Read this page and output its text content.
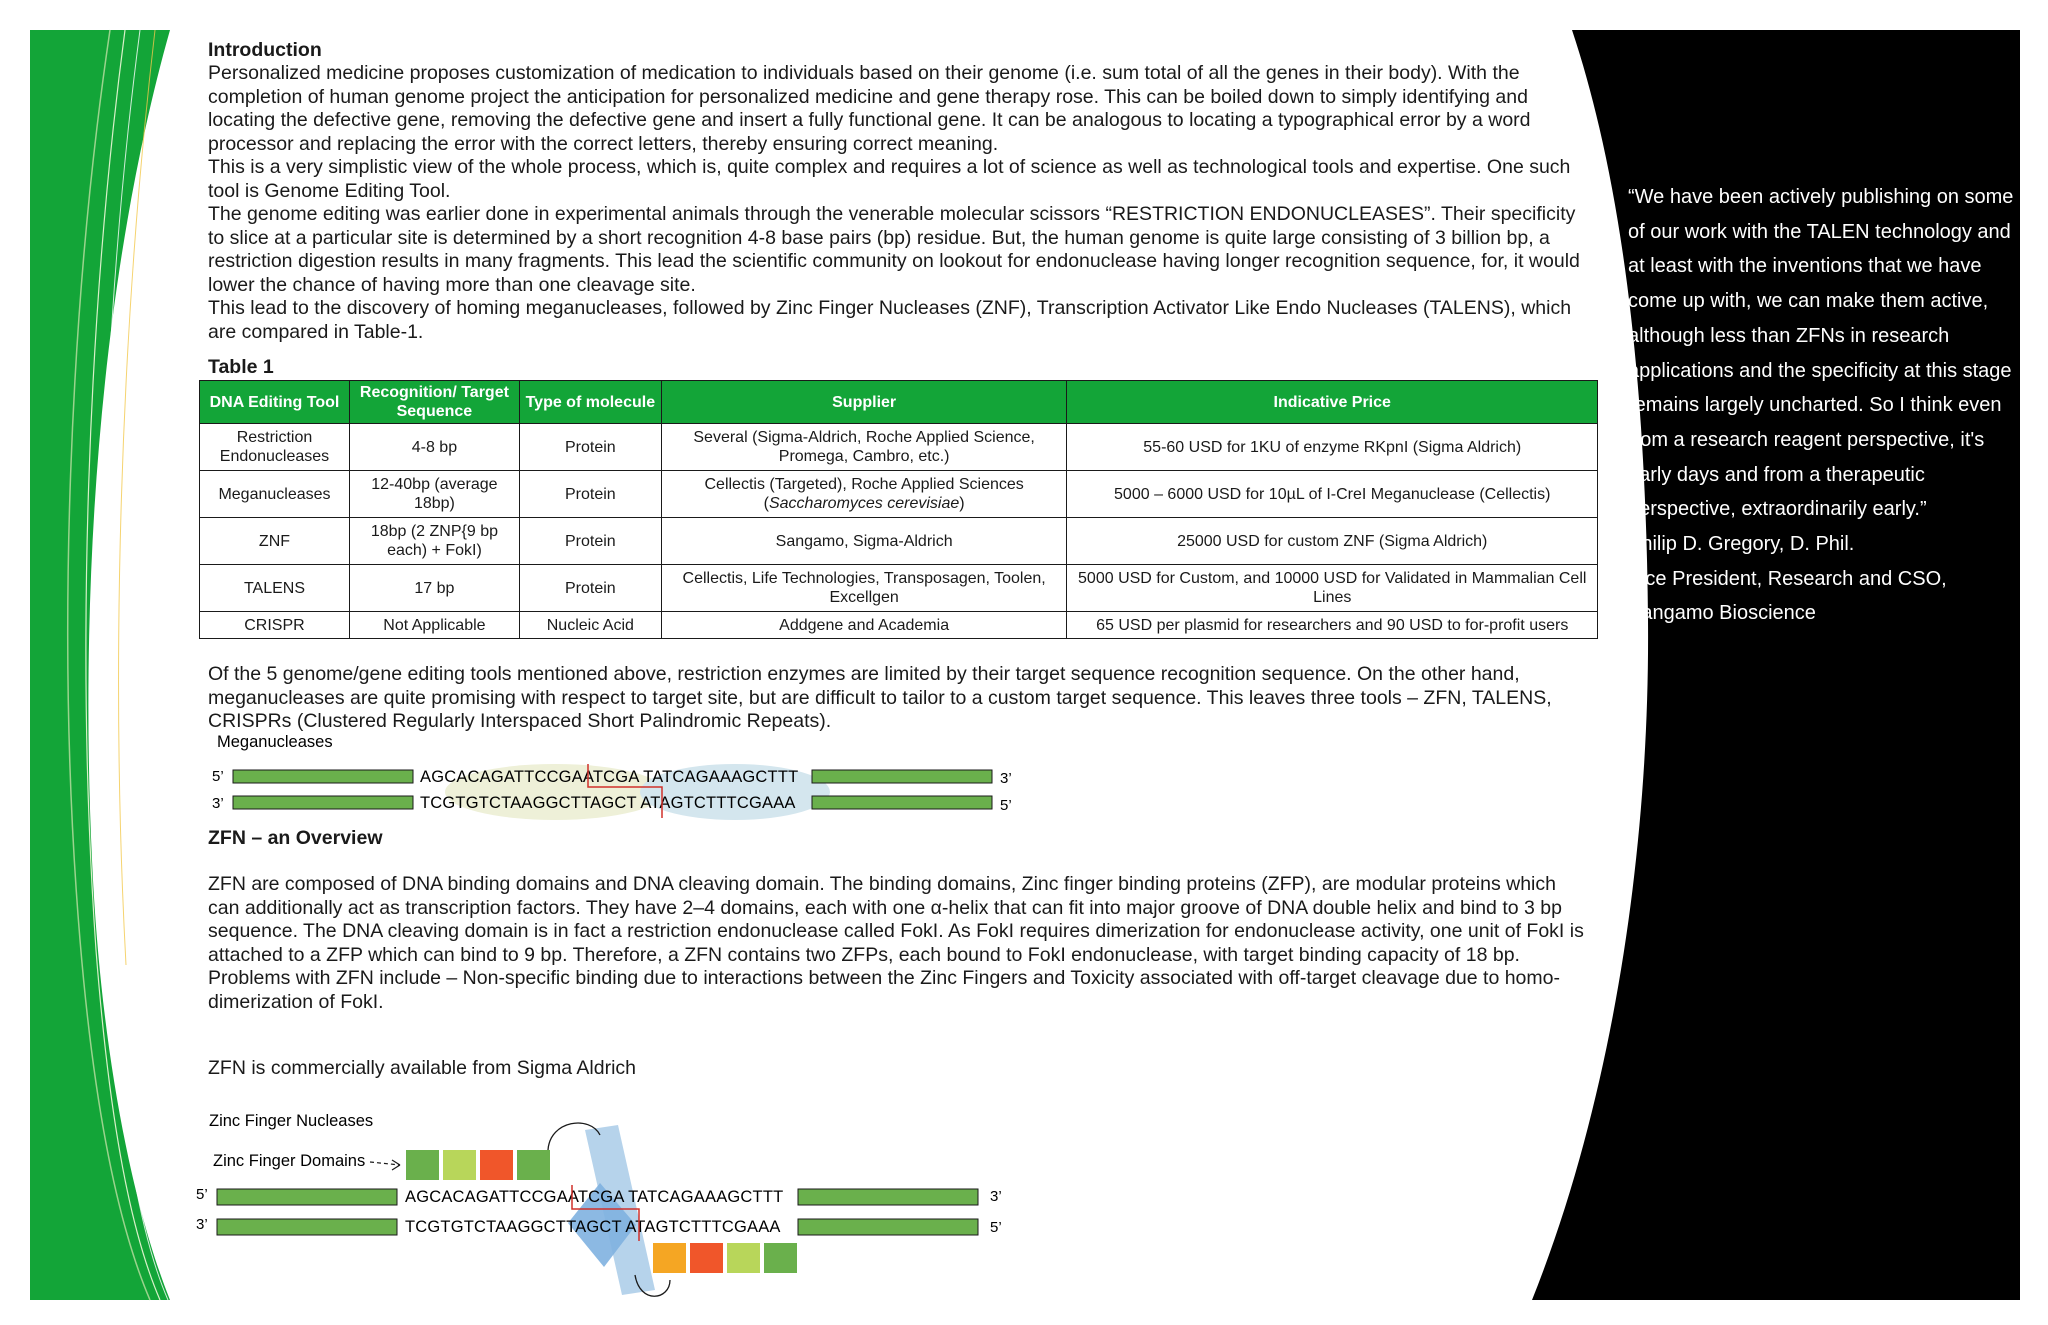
Introduction

Personalized medicine proposes customization of medication to individuals based on their genome (i.e. sum total of all the genes in their body). With the completion of human genome project the anticipation for personalized medicine and gene therapy rose. This can be boiled down to simply identifying and locating the defective gene, removing the defective gene and insert a fully functional gene. It can be analogous to locating a typographical error by a word processor and replacing the error with the correct letters, thereby ensuring correct meaning.

This is a very simplistic view of the whole process, which is, quite complex and requires a lot of science as well as technological tools and expertise. One such tool is Genome Editing Tool.

The genome editing was earlier done in experimental animals through the venerable molecular scissors “RESTRICTION ENDONUCLEASES”. Their specificity to slice at a particular site is determined by a short recognition 4-8 base pairs (bp) residue. But, the human genome is quite large consisting of 3 billion bp, a restriction digestion results in many fragments. This lead the scientific community on lookout for endonuclease having longer recognition sequence, for, it would lower the chance of having more than one cleavage site.

This lead to the discovery of homing meganucleases, followed by Zinc Finger Nucleases (ZNF), Transcription Activator Like Endo Nucleases (TALENS), which are compared in Table-1.

Table 1
DNA Editing Tool	Recognition/ Target Sequence	Type of molecule	Supplier	Indicative Price
Restriction Endonucleases	4-8 bp	Protein	Several (Sigma-Aldrich, Roche Applied Science, Promega, Cambro, etc.)	55-60 USD for 1KU of enzyme RKpnI (Sigma Aldrich)
Meganucleases	12-40bp (average 18bp)	Protein	Cellectis (Targeted), Roche Applied Sciences (Saccharomyces cerevisiae)	5000 – 6000 USD for 10µL of I-CreI Meganuclease (Cellectis)
ZNF	18bp (2 ZNP{9 bp each) + FokI)	Protein	Sangamo, Sigma-Aldrich	25000 USD for custom ZNF (Sigma Aldrich)
TALENS	17 bp	Protein	Cellectis, Life Technologies, Transposagen, Toolen, Excellgen	5000 USD for Custom, and 10000 USD for Validated in Mammalian Cell Lines
CRISPR	Not Applicable	Nucleic Acid	Addgene and Academia	65 USD per plasmid for researchers and 90 USD to for-profit users

Of the 5 genome/gene editing tools mentioned above, restriction enzymes are limited by their target sequence recognition sequence. On the other hand, meganucleases are quite promising with respect to target site, but are difficult to tailor to a custom target sequence. This leaves three tools – ZFN, TALENS, CRISPRs (Clustered Regularly Interspaced Short Palindromic Repeats).

Meganucleases
5’
3’
AGCACAGATTCCGAATCGA TATCAGAAAGCTTT
TCGTGTCTAAGGCTTAGCT ATAGTCTTTCGAAA
3’
5’
ZFN – an Overview

ZFN are composed of DNA binding domains and DNA cleaving domain. The binding domains, Zinc finger binding proteins (ZFP), are modular proteins which can additionally act as transcription factors. They have 2–4 domains, each with one α-helix that can fit into major groove of DNA double helix and bind to 3 bp sequence. The DNA cleaving domain is in fact a restriction endonuclease called FokI. As FokI requires dimerization for endonuclease activity, one unit of FokI is attached to a ZFP which can bind to 9 bp. Therefore, a ZFN contains two ZFPs, each bound to FokI endonuclease, with target binding capacity of 18 bp.

Problems with ZFN include – Non-specific binding due to interactions between the Zinc Fingers and Toxicity associated with off-target cleavage due to homo-dimerization of FokI.

ZFN is commercially available from Sigma Aldrich

Zinc Finger Nucleases
Zinc Finger Domains
5’
3’
AGCACAGATTCCGAATCGA TATCAGAAAGCTTT
TCGTGTCTAAGGCTTAGCT ATAGTCTTTCGAAA
3’
5’

“We have been actively publishing on some of our work with the TALEN technology and at least with the inventions that we have come up with, we can make them active, although less than ZFNs in research applications and the specificity at this stage remains largely uncharted. So I think even from a research reagent perspective, it's early days and from a therapeutic perspective, extraordinarily early.”

Philip D. Gregory, D. Phil.

Vice President, Research and CSO,

Sangamo Bioscience
